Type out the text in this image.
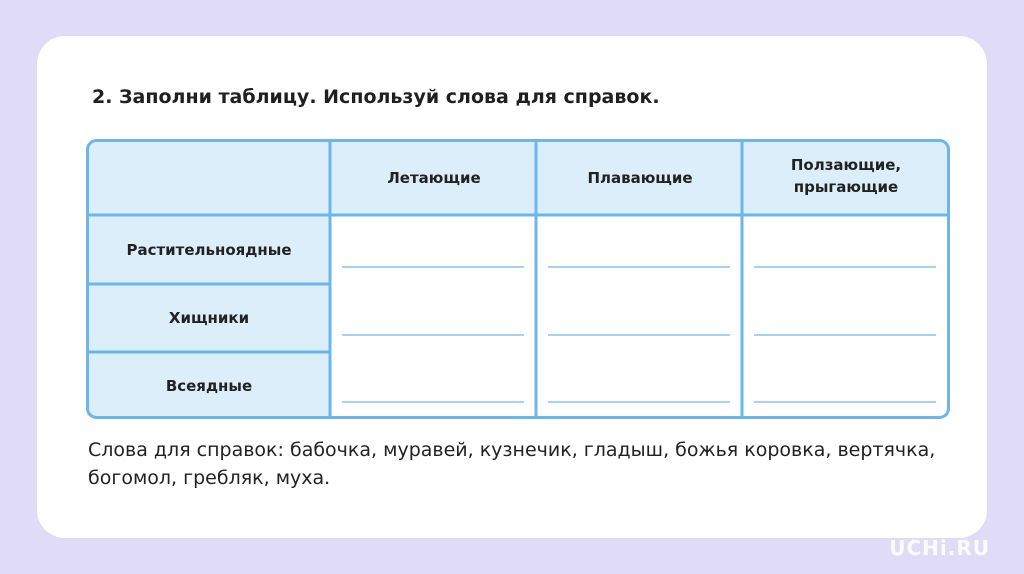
2. Заполни таблицу. Используй слова для справок.
Летающие	Плавающие
Ползающие,
прыгающие
Растительноядные
Хищники
Всеядные
Слова для справок: бабочка, муравей, кузнечик, гладыш, божья коровка, вертячка, богомол, гребляк, муха.
UCHi.RU
